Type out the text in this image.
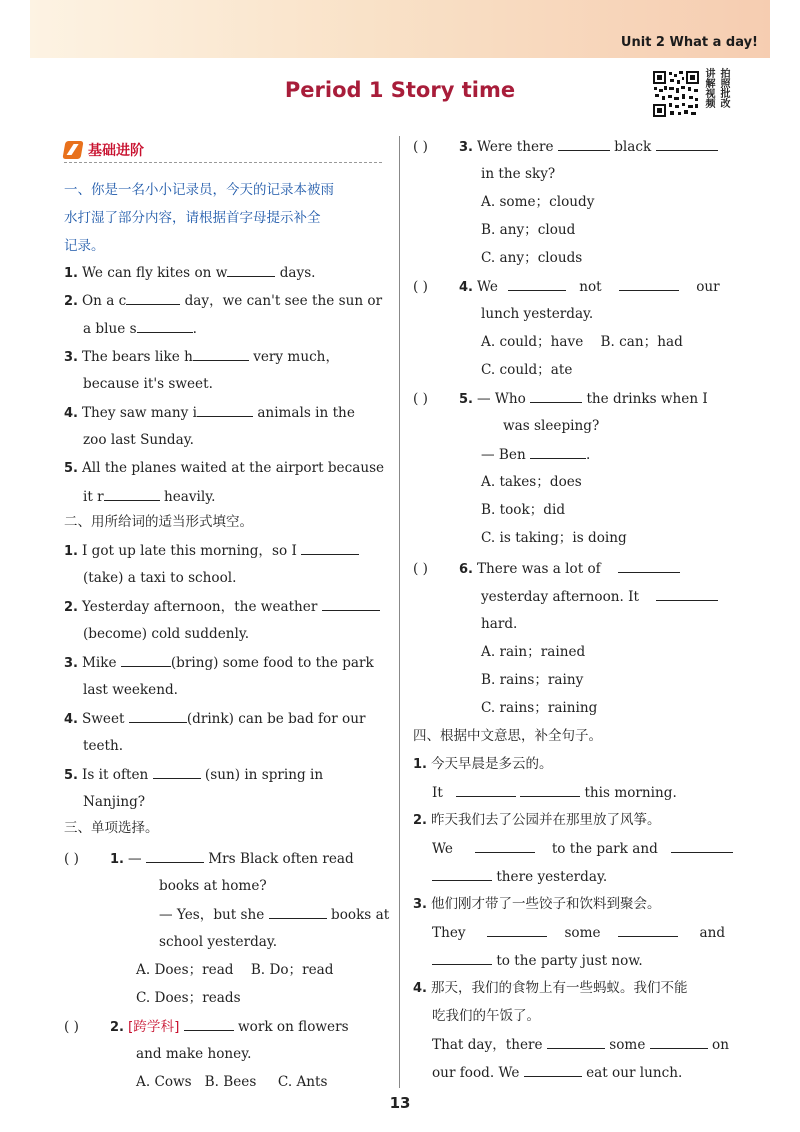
Unit 2 What a day!
Period 1 Story time
讲 拍
解 照
视 批
频 改
基础进阶
一、你是一名小小记录员，今天的记录本被雨
水打湿了部分内容，请根据首字母提示补全
记录。
1. We can fly kites on w	days.
2. On a c	day，we can't see the sun or
a blue s	.
3. The bears like h	very much，
because it's sweet.
4. They saw many i	animals in the
zoo last Sunday.
5. All the planes waited at the airport because
it r	heavily.
二、用所给词的适当形式填空。
1. I got up late this morning，so I
(take) a taxi to school.
2. Yesterday afternoon，the weather
(become) cold suddenly.
3. Mike	(bring) some food to the park
last weekend.
4. Sweet	(drink) can be bad for our
teeth.
5. Is it often	(sun) in spring in
Nanjing?
三、单项选择。
( ) 1. —	Mrs Black often read
books at home?
— Yes，but she	books at
school yesterday.
A. Does；read B. Do；read
C. Does；reads
( ) 2. [跨学科]	work on flowers
and make honey.
A. Cows B. Bees C. Ants
( ) 3. Were there	black
in the sky?
A. some；cloudy
B. any；cloud
C. any；clouds
( ) 4. We	not	our
lunch yesterday.
A. could；have B. can；had
C. could；ate
( ) 5. — Who	the drinks when I
was sleeping?
— Ben	.
A. takes；does
B. took；did
C. is taking；is doing
( ) 6. There was a lot of
yesterday afternoon. It
hard.
A. rain；rained
B. rains；rainy
C. rains；raining
四、根据中文意思，补全句子。
1. 今天早晨是多云的。
It	this morning.
2. 昨天我们去了公园并在那里放了风筝。
We	to the park and
there yesterday.
3. 他们刚才带了一些饺子和饮料到聚会。
They	some	and
to the party just now.
4. 那天，我们的食物上有一些蚂蚁。我们不能
吃我们的午饭了。
That day，there	some	on
our food. We	eat our lunch.
13
